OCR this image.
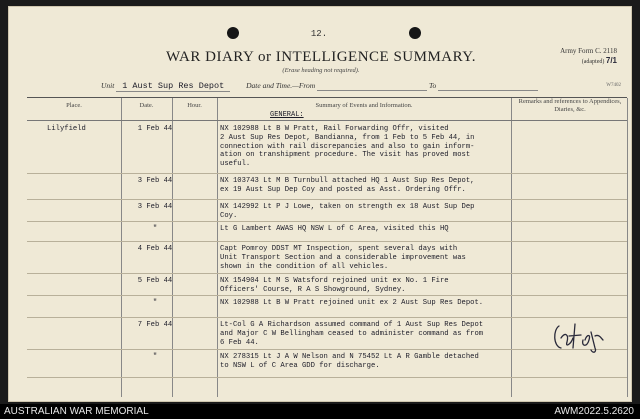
12.
WAR DIARY or INTELLIGENCE SUMMARY.
(Erase heading not required).
Army Form C. 2118
(adapted) 7/1
Unit 1 Aust Sup Res Depot	Date and Time.—From	To	W7402
Place.	Date.	Hour.	Summary of Events and Information.
Remarks and references to Appendices, Diaries, &c.
GENERAL:
Lilyfield	1 Feb 44	NX 102988 Lt B W Pratt, Rail Forwarding Offr, visited
2 Aust Sup Res Depot, Bandianna, from 1 Feb to 5 Feb 44, in
connection with rail discrepancies and also to gain inform-
ation on transhipment procedure. The visit has proved most
useful.
3 Feb 44	NX 103743 Lt M B Turnbull attached HQ 1 Aust Sup Res Depot,
ex 19 Aust Sup Dep Coy and posted as Asst. Ordering Offr.
3 Feb 44	NX 142992 Lt P J Lowe, taken on strength ex 18 Aust Sup Dep
Coy.
"	Lt G Lambert AWAS HQ NSW L of C Area, visited this HQ
4 Feb 44	Capt Pomroy DDST MT Inspection, spent several days with
Unit Transport Section and a considerable improvement was
shown in the condition of all vehicles.
5 Feb 44	NX 154904 Lt M S Watsford rejoined unit ex No. 1 Fire
Officers' Course, R A S Showground, Sydney.
"	NX 102988 Lt B W Pratt rejoined unit ex 2 Aust Sup Res Depot.
7 Feb 44	Lt-Col G A Richardson assumed command of 1 Aust Sup Res Depot
and Major C W Bellingham ceased to administer command as from
6 Feb 44.
"	NX 278315 Lt J A W Nelson and N 75452 Lt A R Gamble detached
to NSW L of C Area GDD for discharge.
AUSTRALIAN WAR MEMORIAL	AWM2022.5.2620
